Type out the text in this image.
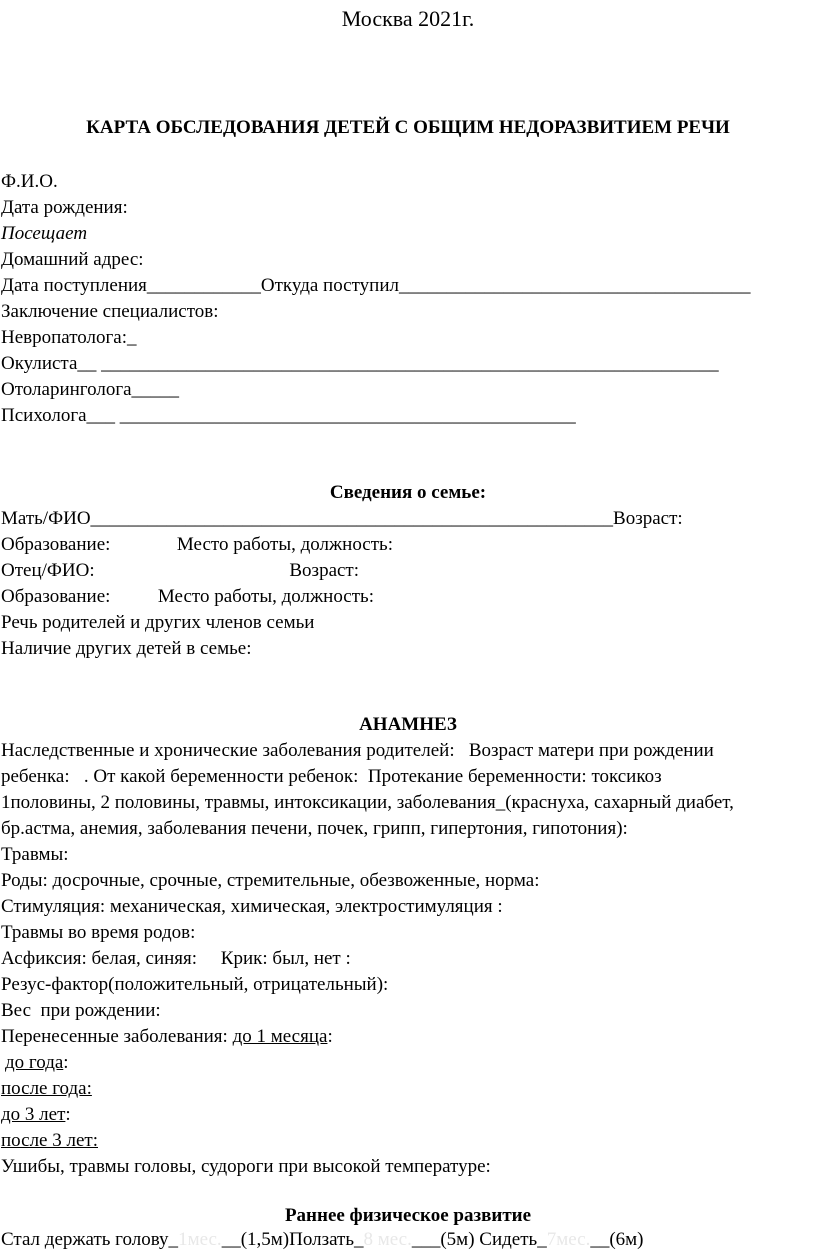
Москва 2021г.
КАРТА ОБСЛЕДОВАНИЯ ДЕТЕЙ С ОБЩИМ НЕДОРАЗВИТИЕМ РЕЧИ
Ф.И.О.
Дата рождения:
Посещает
Домашний адрес:
Дата поступления____________Откуда поступил_____________________________________
Заключение специалистов:
Невропатолога:_
Окулиста__ _________________________________________________________________
Отоларинголога_____
Психолога___ ________________________________________________
Сведения о семье:
Мать/ФИО_______________________________________________________Возраст:
Образование:              Место работы, должность:
Отец/ФИО:                                         Возраст:
Образование:          Место работы, должность:
Речь родителей и других членов семьи
Наличие других детей в семье:
АНАМНЕЗ
Наследственные и хронические заболевания родителей:   Возраст матери при рождении
ребенка:   . От какой беременности ребенок:  Протекание беременности: токсикоз
1половины, 2 половины, травмы, интоксикации, заболевания_(краснуха, сахарный диабет,
бр.астма, анемия, заболевания печени, почек, грипп, гипертония, гипотония):
Травмы:
Роды: досрочные, срочные, стремительные, обезвоженные, норма:
Стимуляция: механическая, химическая, электростимуляция :
Травмы во время родов:
Асфиксия: белая, синяя:     Крик: был, нет :
Резус-фактор(положительный, отрицательный):
Вес  при рождении:
Перенесенные заболевания: до 1 месяца:
до года:
после года:
до 3 лет:
после 3 лет:
Ушибы, травмы головы, судороги при высокой температуре:
Раннее физическое развитие
Стал держать голову_1мес.__(1,5м)Ползать_8 мес.___(5м) Сидеть_7мес.__(6м)
